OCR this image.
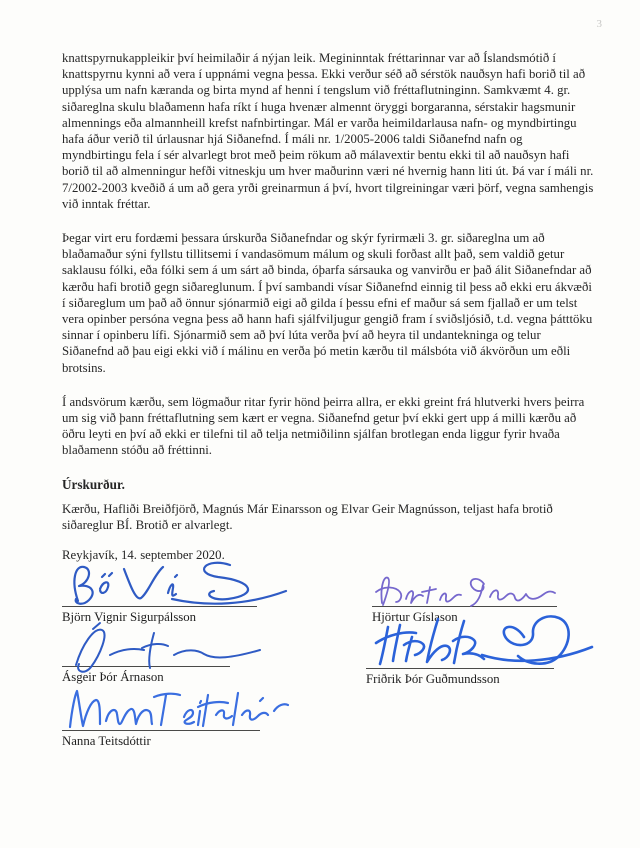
3

knattspyrnukappleikir því heimilaðir á nýjan leik. Megininntak fréttarinnar var að Íslandsmótið í knattspyrnu kynni að vera í uppnámi vegna þessa. Ekki verður séð að sérstök nauðsyn hafi borið til að upplýsa um nafn kæranda og birta mynd af henni í tengslum við fréttaflutninginn. Samkvæmt 4. gr. siðareglna skulu blaðamenn hafa ríkt í huga hvenær almennt öryggi borgaranna, sérstakir hagsmunir almennings eða almannheill krefst nafnbirtingar. Mál er varða heimildarlausa nafn- og myndbirtingu hafa áður verið til úrlausnar hjá Siðanefnd. Í máli nr. 1/2005-2006 taldi Siðanefnd nafn og myndbirtingu fela í sér alvarlegt brot með þeim rökum að málavextir bentu ekki til að nauðsyn hafi borið til að almenningur hefði vitneskju um hver maðurinn væri né hvernig hann liti út. Þá var í máli nr. 7/2002-2003 kveðið á um að gera yrði greinarmun á því, hvort tilgreiningar væri þörf, vegna samhengis við inntak fréttar.

Þegar virt eru fordæmi þessara úrskurða Siðanefndar og skýr fyrirmæli 3. gr. siðareglna um að blaðamaður sýni fyllstu tillitsemi í vandasömum málum og skuli forðast allt það, sem valdið getur saklausu fólki, eða fólki sem á um sárt að binda, óþarfa sársauka og vanvirðu er það álit Siðanefndar að kærðu hafi brotið gegn siðareglunum. Í því sambandi vísar Siðanefnd einnig til þess að ekki eru ákvæði í siðareglum um það að önnur sjónarmið eigi að gilda í þessu efni ef maður sá sem fjallað er um telst vera opinber persóna vegna þess að hann hafi sjálfviljugur gengið fram í sviðsljósið, t.d. vegna þátttöku sinnar í opinberu lífi. Sjónarmið sem að því lúta verða því að heyra til undantekninga og telur Siðanefnd að þau eigi ekki við í málinu en verða þó metin kærðu til málsbóta við ákvörðun um eðli brotsins.

Í andsvörum kærðu, sem lögmaður ritar fyrir hönd þeirra allra, er ekki greint frá hlutverki hvers þeirra um sig við þann fréttaflutning sem kært er vegna. Siðanefnd getur því ekki gert upp á milli kærðu að öðru leyti en því að ekki er tilefni til að telja netmiðilinn sjálfan brotlegan enda liggur fyrir hvaða blaðamenn stóðu að fréttinni.

Úrskurður.

Kærðu, Hafliði Breiðfjörð, Magnús Már Einarsson og Elvar Geir Magnússon, teljast hafa brotið siðareglur BÍ. Brotið er alvarlegt.

Reykjavík, 14. september 2020.
Björn Vignir Sigurpálsson	Hjörtur Gíslason
Ásgeir Þór Árnason	Friðrik Þór Guðmundsson
Nanna Teitsdóttir
